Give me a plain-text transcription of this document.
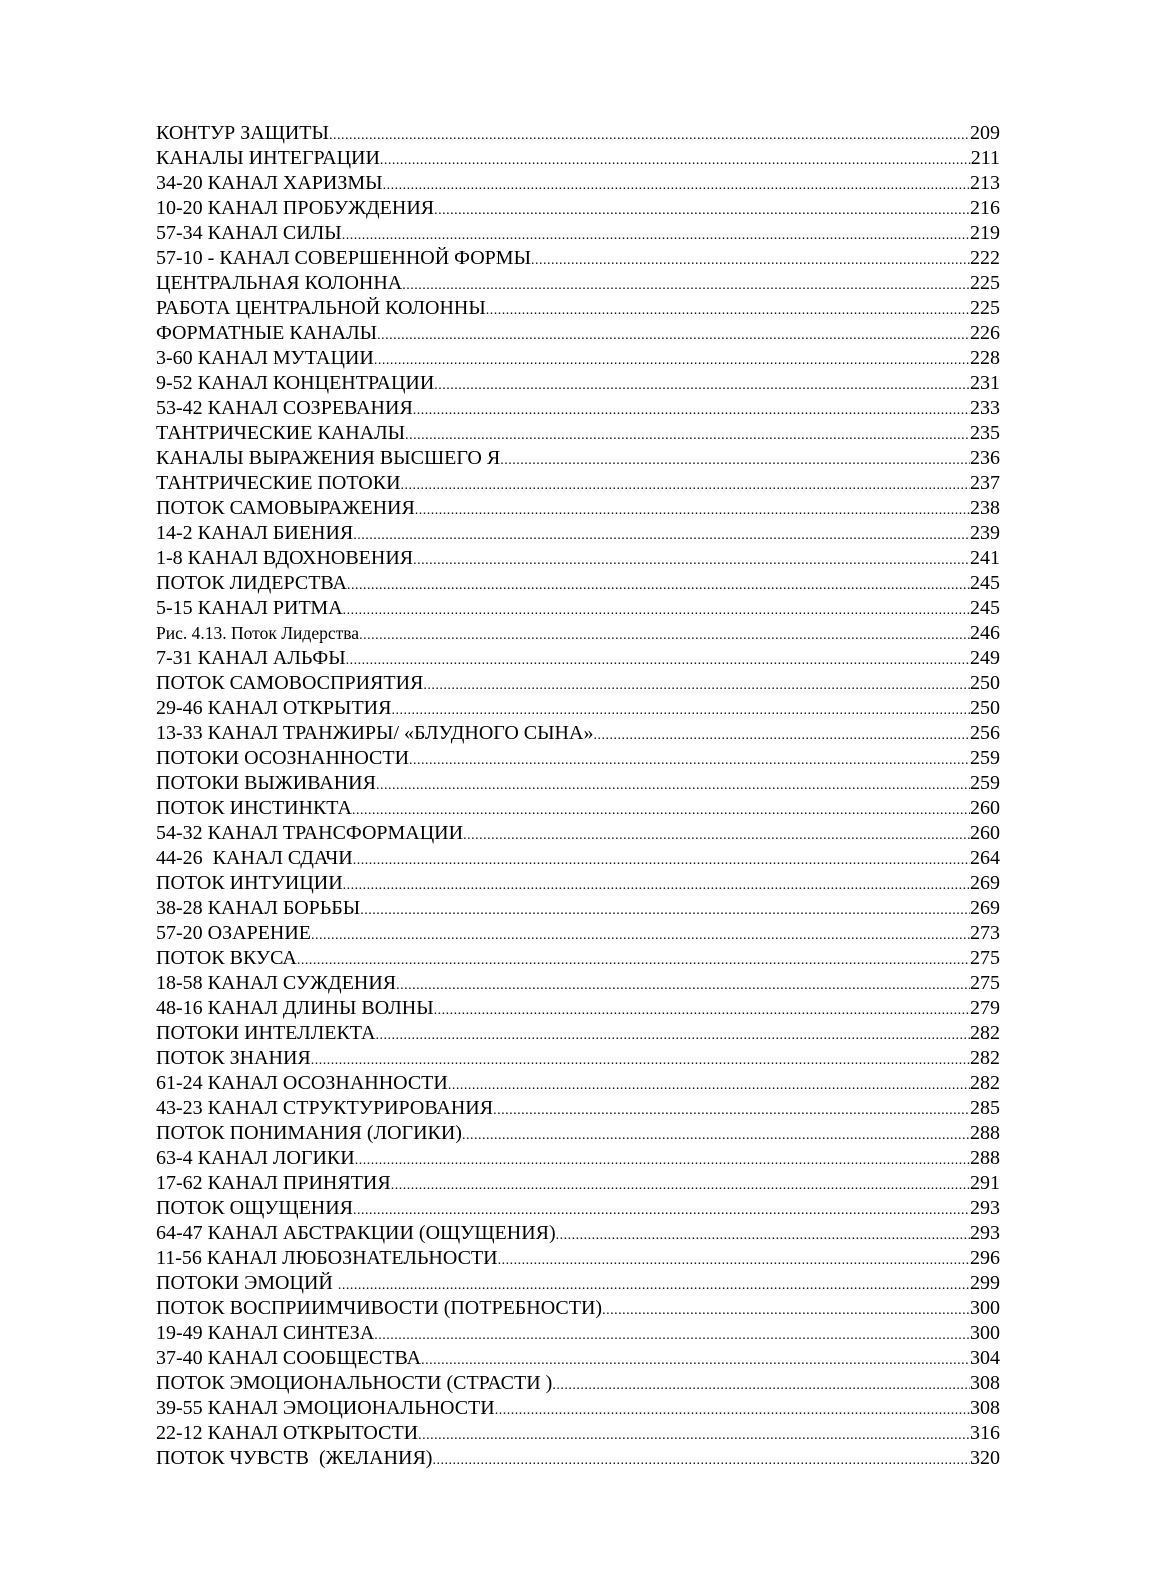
КОНТУР ЗАЩИТЫ .....	209
КАНАЛЫ ИНТЕГРАЦИИ .....	211
34-20 КАНАЛ ХАРИЗМЫ .....	213
10-20 КАНАЛ ПРОБУЖДЕНИЯ .....	216
57-34 КАНАЛ СИЛЫ .....	219
57-10 - КАНАЛ СОВЕРШЕННОЙ ФОРМЫ .....	222
ЦЕНТРАЛЬНАЯ КОЛОННА .....	225
РАБОТА ЦЕНТРАЛЬНОЙ КОЛОННЫ .....	225
ФОРМАТНЫЕ КАНАЛЫ .....	226
3-60 КАНАЛ МУТАЦИИ .....	228
9-52 КАНАЛ КОНЦЕНТРАЦИИ .....	231
53-42 КАНАЛ СОЗРЕВАНИЯ .....	233
ТАНТРИЧЕСКИЕ КАНАЛЫ .....	235
КАНАЛЫ ВЫРАЖЕНИЯ ВЫСШЕГО Я .....	236
ТАНТРИЧЕСКИЕ ПОТОКИ .....	237
ПОТОК САМОВЫРАЖЕНИЯ .....	238
14-2 КАНАЛ БИЕНИЯ .....	239
1-8 КАНАЛ ВДОХНОВЕНИЯ .....	241
ПОТОК ЛИДЕРСТВА .....	245
5-15 КАНАЛ РИТМА .....	245
Рис. 4.13. Поток Лидерства .....	246
7-31 КАНАЛ АЛЬФЫ .....	249
ПОТОК САМОВОСПРИЯТИЯ .....	250
29-46 КАНАЛ ОТКРЫТИЯ .....	250
13-33 КАНАЛ ТРАНЖИРЫ/ «БЛУДНОГО СЫНА» .....	256
ПОТОКИ ОСОЗНАННОСТИ .....	259
ПОТОКИ ВЫЖИВАНИЯ .....	259
ПОТОК ИНСТИНКТА .....	260
54-32 КАНАЛ ТРАНСФОРМАЦИИ .....	260
44-26  КАНАЛ СДАЧИ .....	264
ПОТОК ИНТУИЦИИ .....	269
38-28 КАНАЛ БОРЬБЫ .....	269
57-20 ОЗАРЕНИЕ .....	273
ПОТОК ВКУСА .....	275
18-58 КАНАЛ СУЖДЕНИЯ .....	275
48-16 КАНАЛ ДЛИНЫ ВОЛНЫ .....	279
ПОТОКИ ИНТЕЛЛЕКТА .....	282
ПОТОК ЗНАНИЯ .....	282
61-24 КАНАЛ ОСОЗНАННОСТИ .....	282
43-23 КАНАЛ СТРУКТУРИРОВАНИЯ .....	285
ПОТОК ПОНИМАНИЯ (ЛОГИКИ) .....	288
63-4 КАНАЛ ЛОГИКИ .....	288
17-62 КАНАЛ ПРИНЯТИЯ .....	291
ПОТОК ОЩУЩЕНИЯ .....	293
64-47 КАНАЛ АБСТРАКЦИИ (ОЩУЩЕНИЯ) .....	293
11-56 КАНАЛ ЛЮБОЗНАТЕЛЬНОСТИ .....	296
ПОТОКИ ЭМОЦИЙ .....	299
ПОТОК ВОСПРИИМЧИВОСТИ (ПОТРЕБНОСТИ) .....	300
19-49 КАНАЛ СИНТЕЗА .....	300
37-40 КАНАЛ СООБЩЕСТВА .....	304
ПОТОК ЭМОЦИОНАЛЬНОСТИ (СТРАСТИ ) .....	308
39-55 КАНАЛ ЭМОЦИОНАЛЬНОСТИ .....	308
22-12 КАНАЛ ОТКРЫТОСТИ .....	316
ПОТОК ЧУВСТВ  (ЖЕЛАНИЯ) .....	320
